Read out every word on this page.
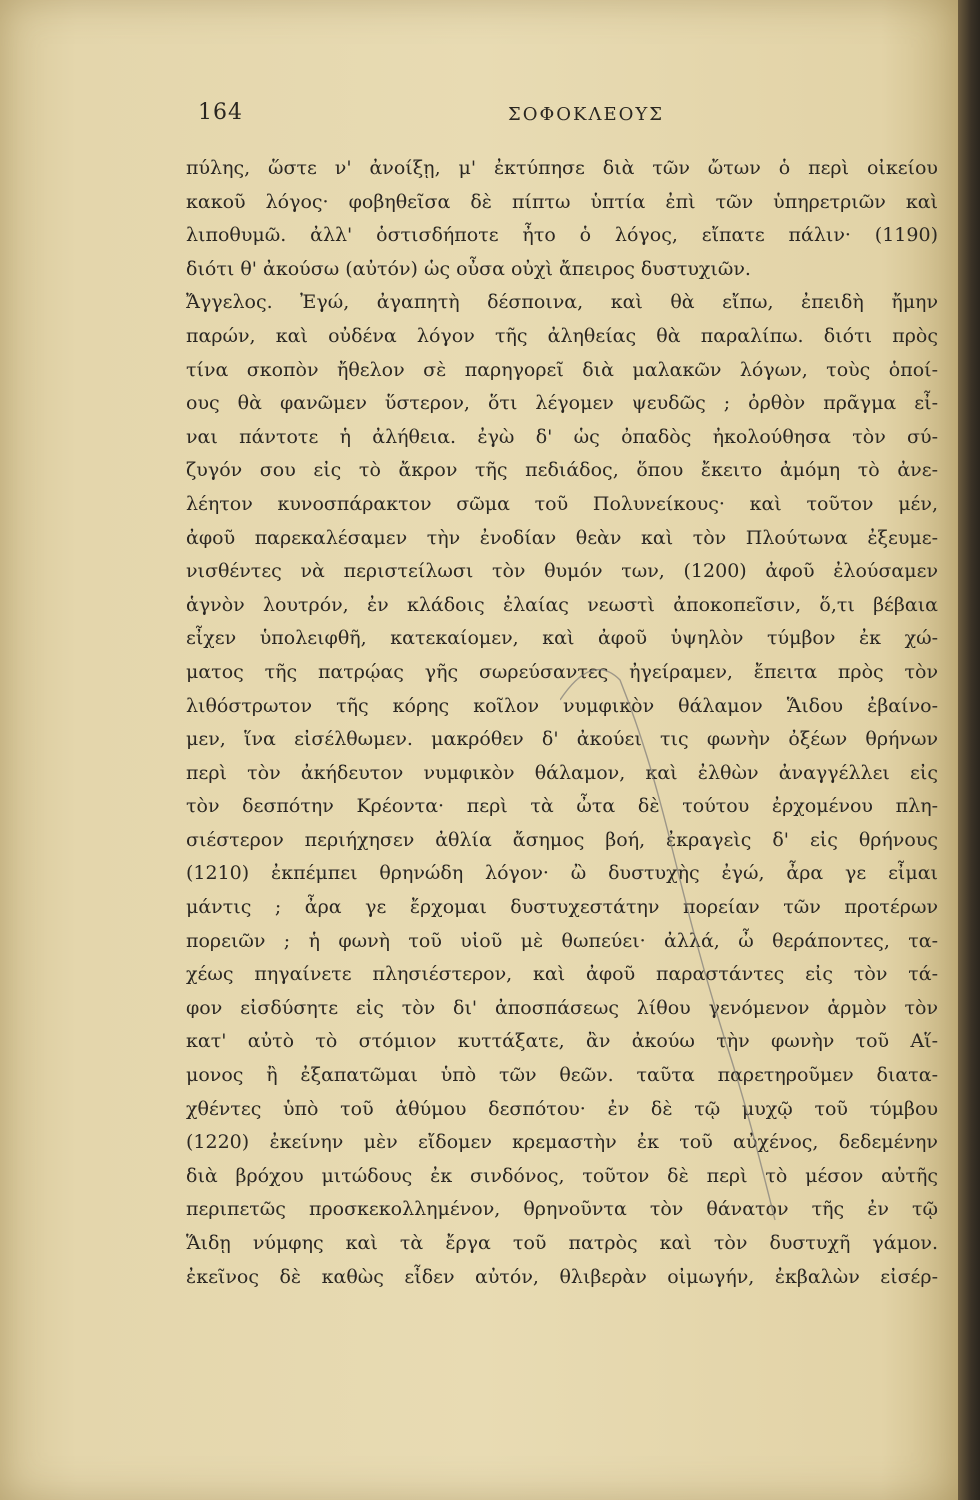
164	ΣΟΦΟΚΛΕΟΥΣ
πύλης, ὥστε ν' ἀνοίξῃ, μ' ἐκτύπησε διὰ τῶν ὤτων ὁ περὶ οἰκείου
κακοῦ λόγος· φοβηθεῖσα δὲ πίπτω ὑπτία ἐπὶ τῶν ὑπηρετριῶν καὶ
λιποθυμῶ. ἀλλ' ὁστισδήποτε ἦτο ὁ λόγος, εἴπατε πάλιν· (1190)
διότι θ' ἀκούσω (αὐτόν) ὡς οὖσα οὐχὶ ἄπειρος δυστυχιῶν.
Ἄγγελος. Ἐγώ, ἀγαπητὴ δέσποινα, καὶ θὰ εἴπω, ἐπειδὴ ἤμην
παρών, καὶ οὐδένα λόγον τῆς ἀληθείας θὰ παραλίπω. διότι πρὸς
τίνα σκοπὸν ἤθελον σὲ παρηγορεῖ διὰ μαλακῶν λόγων, τοὺς ὁποί-
ους θὰ φανῶμεν ὕστερον, ὅτι λέγομεν ψευδῶς ; ὀρθὸν πρᾶγμα εἶ-
ναι πάντοτε ἡ ἀλήθεια. ἐγὼ δ' ὡς ὀπαδὸς ἠκολούθησα τὸν σύ-
ζυγόν σου εἰς τὸ ἄκρον τῆς πεδιάδος, ὅπου ἔκειτο ἀμόμη τὸ ἀνε-
λέητον κυνοσπάρακτον σῶμα τοῦ Πολυνείκους· καὶ τοῦτον μέν,
ἀφοῦ παρεκαλέσαμεν τὴν ἐνοδίαν θεὰν καὶ τὸν Πλούτωνα ἐξευμε-
νισθέντες νὰ περιστείλωσι τὸν θυμόν των, (1200) ἀφοῦ ἐλούσαμεν
ἁγνὸν λουτρόν, ἐν κλάδοις ἐλαίας νεωστὶ ἀποκοπεῖσιν, ὅ,τι βέβαια
εἶχεν ὑπολειφθῆ, κατεκαίομεν, καὶ ἀφοῦ ὑψηλὸν τύμβον ἐκ χώ-
ματος τῆς πατρῴας γῆς σωρεύσαντες ἠγείραμεν, ἔπειτα πρὸς τὸν
λιθόστρωτον τῆς κόρης κοῖλον νυμφικὸν θάλαμον Ἅιδου ἐβαίνο-
μεν, ἵνα εἰσέλθωμεν. μακρόθεν δ' ἀκούει τις φωνὴν ὀξέων θρήνων
περὶ τὸν ἀκήδευτον νυμφικὸν θάλαμον, καὶ ἐλθὼν ἀναγγέλλει εἰς
τὸν δεσπότην Κρέοντα· περὶ τὰ ὦτα δὲ τούτου ἐρχομένου πλη-
σιέστερον περιήχησεν ἀθλία ἄσημος βοή, ἐκραγεὶς δ' εἰς θρήνους
(1210) ἐκπέμπει θρηνώδη λόγον· ὢ δυστυχὴς ἐγώ, ἆρα γε εἶμαι
μάντις ; ἆρα γε ἔρχομαι δυστυχεστάτην πορείαν τῶν προτέρων
πορειῶν ; ἡ φωνὴ τοῦ υἱοῦ μὲ θωπεύει· ἀλλά, ὦ θεράποντες, τα-
χέως πηγαίνετε πλησιέστερον, καὶ ἀφοῦ παραστάντες εἰς τὸν τά-
φον εἰσδύσητε εἰς τὸν δι' ἀποσπάσεως λίθου γενόμενον ἁρμὸν τὸν
κατ' αὐτὸ τὸ στόμιον κυττάξατε, ἂν ἀκούω τὴν φωνὴν τοῦ Αἵ-
μονος ἢ ἐξαπατῶμαι ὑπὸ τῶν θεῶν. ταῦτα παρετηροῦμεν διατα-
χθέντες ὑπὸ τοῦ ἀθύμου δεσπότου· ἐν δὲ τῷ μυχῷ τοῦ τύμβου
(1220) ἐκείνην μὲν εἴδομεν κρεμαστὴν ἐκ τοῦ αὐχένος, δεδεμένην
διὰ βρόχου μιτώδους ἐκ σινδόνος, τοῦτον δὲ περὶ τὸ μέσον αὐτῆς
περιπετῶς προσκεκολλημένον, θρηνοῦντα τὸν θάνατον τῆς ἐν τῷ
Ἅιδῃ νύμφης καὶ τὰ ἔργα τοῦ πατρὸς καὶ τὸν δυστυχῆ γάμον.
ἐκεῖνος δὲ καθὼς εἶδεν αὐτόν, θλιβερὰν οἰμωγήν, ἐκβαλὼν εἰσέρ-
